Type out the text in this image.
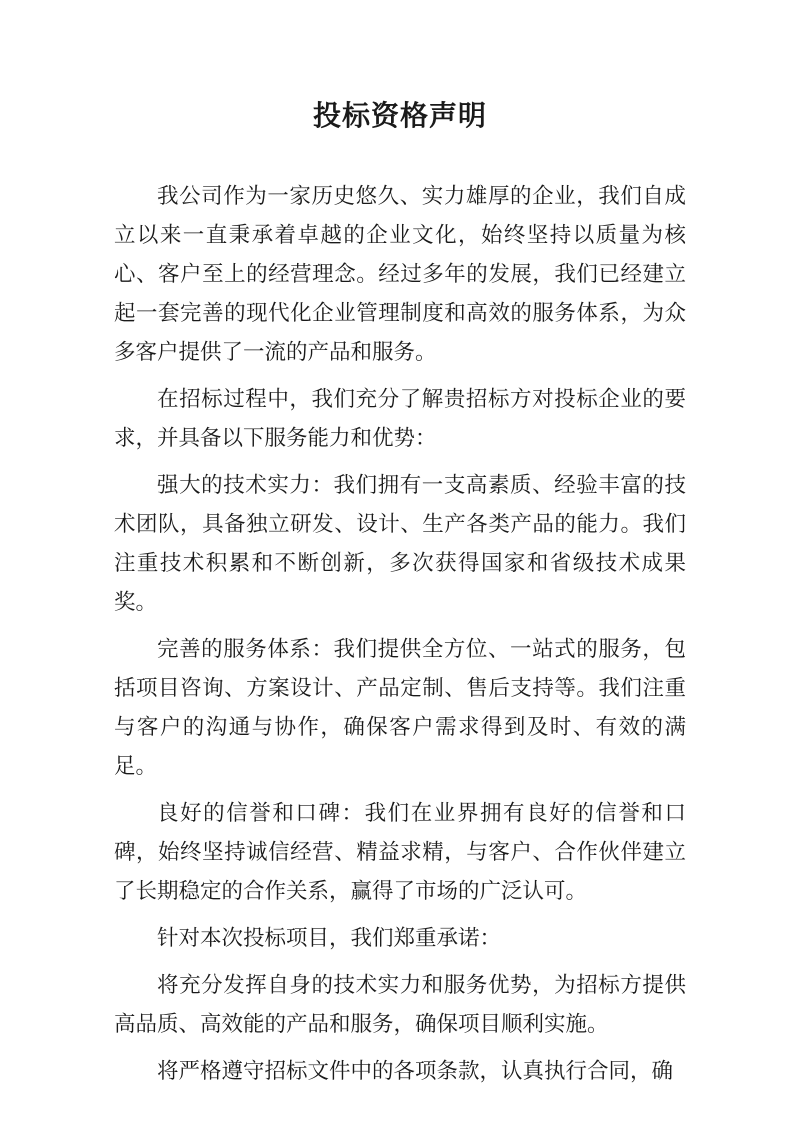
投标资格声明

我公司作为一家历史悠久、实力雄厚的企业，我们自成立以来一直秉承着卓越的企业文化，始终坚持以质量为核心、客户至上的经营理念。经过多年的发展，我们已经建立起一套完善的现代化企业管理制度和高效的服务体系，为众多客户提供了一流的产品和服务。

在招标过程中，我们充分了解贵招标方对投标企业的要求，并具备以下服务能力和优势：

强大的技术实力：我们拥有一支高素质、经验丰富的技术团队，具备独立研发、设计、生产各类产品的能力。我们注重技术积累和不断创新，多次获得国家和省级技术成果奖。

完善的服务体系：我们提供全方位、一站式的服务，包括项目咨询、方案设计、产品定制、售后支持等。我们注重与客户的沟通与协作，确保客户需求得到及时、有效的满足。

良好的信誉和口碑：我们在业界拥有良好的信誉和口碑，始终坚持诚信经营、精益求精，与客户、合作伙伴建立了长期稳定的合作关系，赢得了市场的广泛认可。

针对本次投标项目，我们郑重承诺：

将充分发挥自身的技术实力和服务优势，为招标方提供高品质、高效能的产品和服务，确保项目顺利实施。

将严格遵守招标文件中的各项条款，认真执行合同，确
